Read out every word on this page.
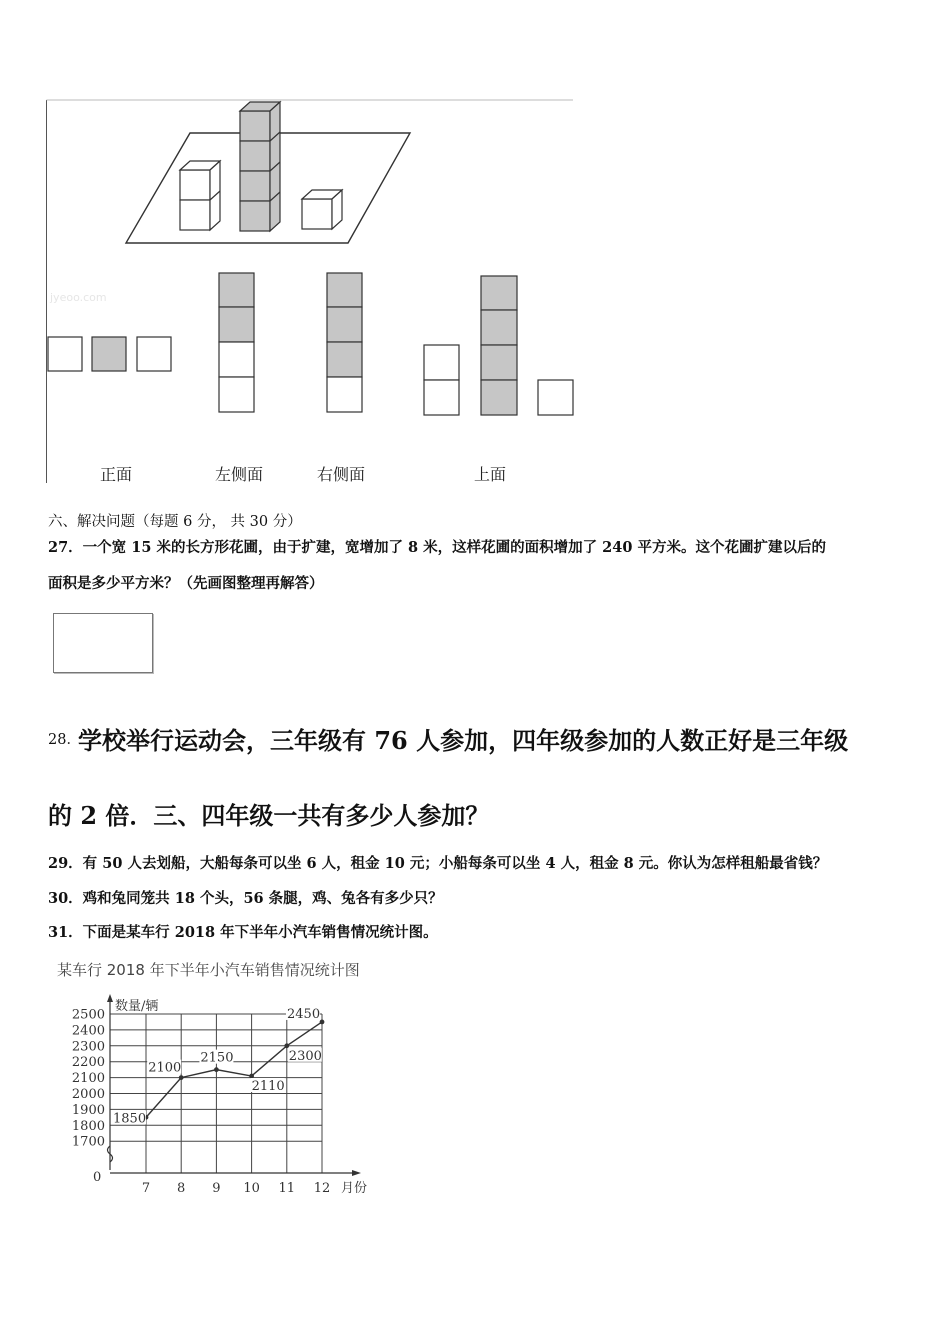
jyeoo.com
正面	左侧面	右侧面	上面
六、解决问题（每题 6 分， 共 30 分）
27．一个宽 15 米的长方形花圃，由于扩建，宽增加了 8 米，这样花圃的面积增加了 240 平方米。这个花圃扩建以后的
面积是多少平方米？（先画图整理再解答）
28．
学校举行运动会，三年级有 76 人参加，四年级参加的人数正好是三年级
的 2 倍．三、四年级一共有多少人参加？
29．有 50 人去划船，大船每条可以坐 6 人，租金 10 元；小船每条可以坐 4 人，租金 8 元。你认为怎样租船最省钱？
30．鸡和兔同笼共 18 个头，56 条腿，鸡、兔各有多少只？
31．下面是某车行 2018 年下半年小汽车销售情况统计图。
某车行 2018 年下半年小汽车销售情况统计图
数量/辆
月份
0
2500
2400
2300
2200
2100
2000
1900
1800
1700
7 8 9 10 11 12
1850
2100
2150
2110
2300
2450
